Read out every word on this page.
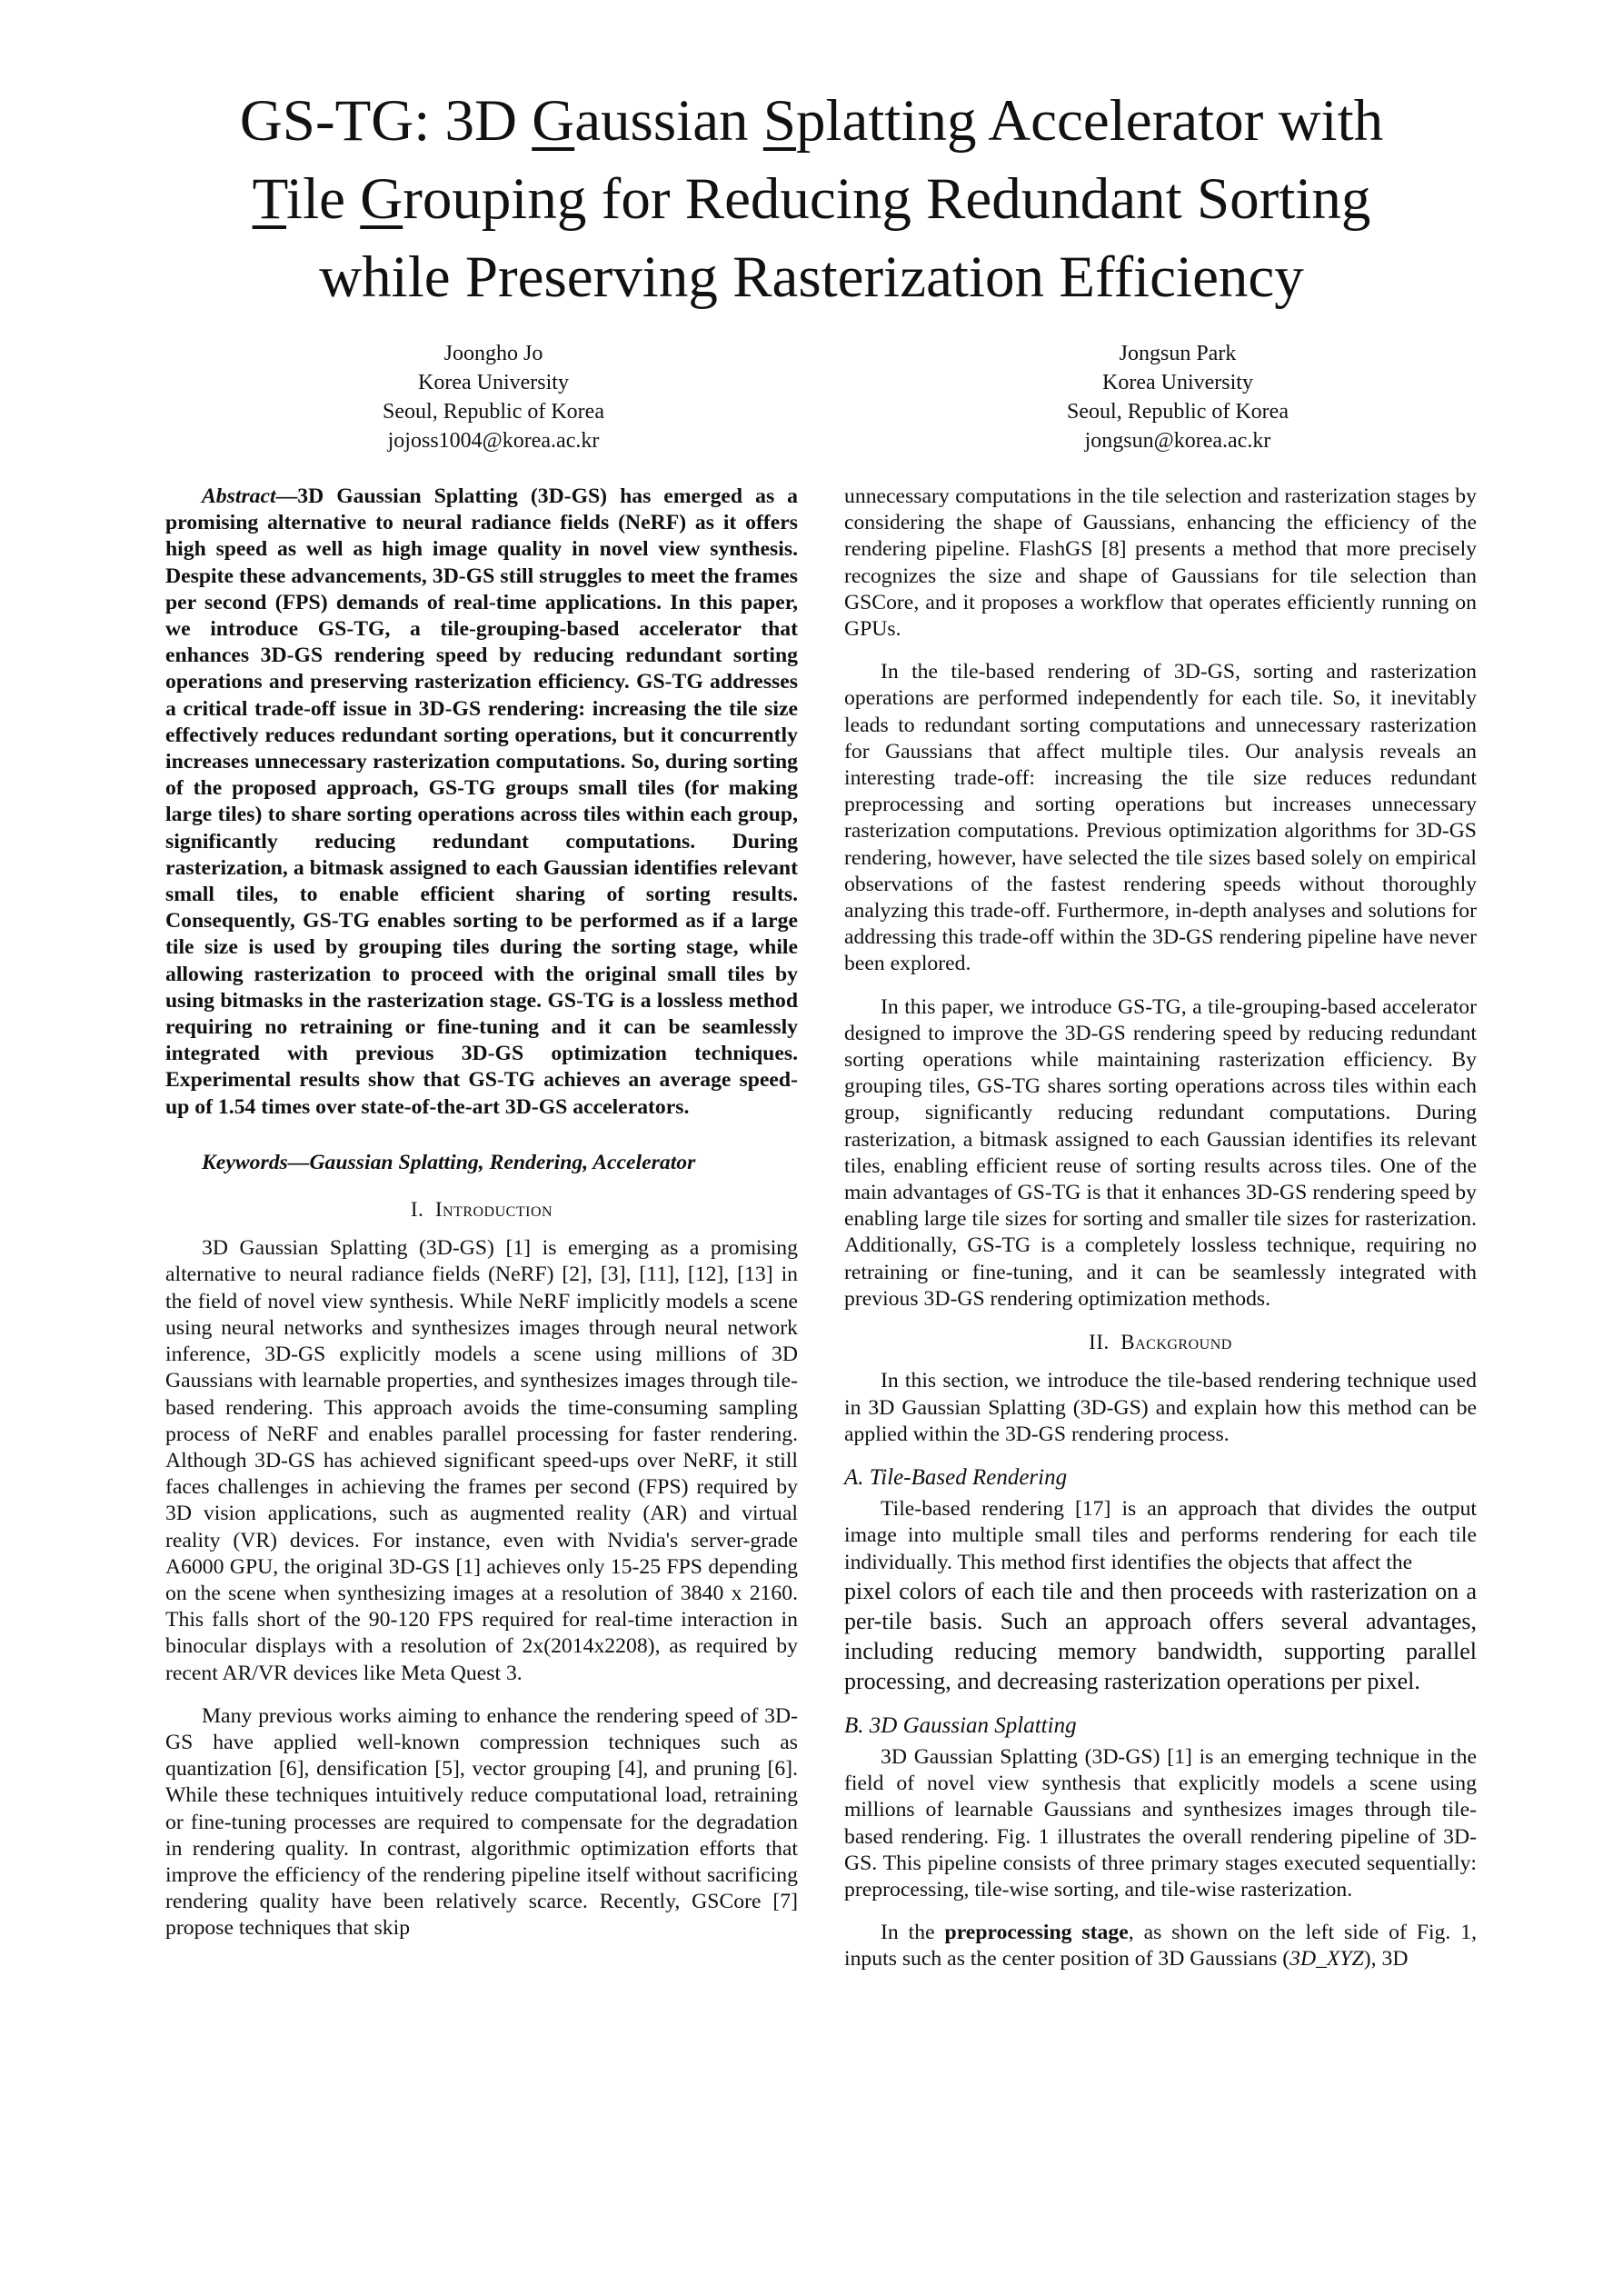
GS-TG: 3D Gaussian Splatting Accelerator with
Tile Grouping for Reducing Redundant Sorting
while Preserving Rasterization Efficiency
Joongho Jo
Korea University
Seoul, Republic of Korea
jojoss1004@korea.ac.kr
Jongsun Park
Korea University
Seoul, Republic of Korea
jongsun@korea.ac.kr

Abstract—3D Gaussian Splatting (3D-GS) has emerged as a promising alternative to neural radiance fields (NeRF) as it offers high speed as well as high image quality in novel view synthesis. Despite these advancements, 3D-GS still struggles to meet the frames per second (FPS) demands of real-time applications. In this paper, we introduce GS-TG, a tile-grouping-based accelerator that enhances 3D-GS rendering speed by reducing redundant sorting operations and preserving rasterization efficiency. GS-TG addresses a critical trade-off issue in 3D-GS rendering: increasing the tile size effectively reduces redundant sorting operations, but it concurrently increases unnecessary rasterization computations. So, during sorting of the proposed approach, GS-TG groups small tiles (for making large tiles) to share sorting operations across tiles within each group, significantly reducing redundant computations. During rasterization, a bitmask assigned to each Gaussian identifies relevant small tiles, to enable efficient sharing of sorting results. Consequently, GS-TG enables sorting to be performed as if a large tile size is used by grouping tiles during the sorting stage, while allowing rasterization to proceed with the original small tiles by using bitmasks in the rasterization stage. GS-TG is a lossless method requiring no retraining or fine-tuning and it can be seamlessly integrated with previous 3D-GS optimization techniques. Experimental results show that GS-TG achieves an average speed-up of 1.54 times over state-of-the-art 3D-GS accelerators.

Keywords—Gaussian Splatting, Rendering, Accelerator

I. Introduction

3D Gaussian Splatting (3D-GS) [1] is emerging as a promising alternative to neural radiance fields (NeRF) [2], [3], [11], [12], [13] in the field of novel view synthesis. While NeRF implicitly models a scene using neural networks and synthesizes images through neural network inference, 3D-GS explicitly models a scene using millions of 3D Gaussians with learnable properties, and synthesizes images through tile-based rendering. This approach avoids the time-consuming sampling process of NeRF and enables parallel processing for faster rendering. Although 3D-GS has achieved significant speed-ups over NeRF, it still faces challenges in achieving the frames per second (FPS) required by 3D vision applications, such as augmented reality (AR) and virtual reality (VR) devices. For instance, even with Nvidia's server-grade A6000 GPU, the original 3D-GS [1] achieves only 15-25 FPS depending on the scene when synthesizing images at a resolution of 3840 x 2160. This falls short of the 90-120 FPS required for real-time interaction in binocular displays with a resolution of 2x(2014x2208), as required by recent AR/VR devices like Meta Quest 3.

Many previous works aiming to enhance the rendering speed of 3D-GS have applied well-known compression techniques such as quantization [6], densification [5], vector grouping [4], and pruning [6]. While these techniques intuitively reduce computational load, retraining or fine-tuning processes are required to compensate for the degradation in rendering quality. In contrast, algorithmic optimization efforts that improve the efficiency of the rendering pipeline itself without sacrificing rendering quality have been relatively scarce. Recently, GSCore [7] propose techniques that skip

unnecessary computations in the tile selection and rasterization stages by considering the shape of Gaussians, enhancing the efficiency of the rendering pipeline. FlashGS [8] presents a method that more precisely recognizes the size and shape of Gaussians for tile selection than GSCore, and it proposes a workflow that operates efficiently running on GPUs.

In the tile-based rendering of 3D-GS, sorting and rasterization operations are performed independently for each tile. So, it inevitably leads to redundant sorting computations and unnecessary rasterization for Gaussians that affect multiple tiles. Our analysis reveals an interesting trade-off: increasing the tile size reduces redundant preprocessing and sorting operations but increases unnecessary rasterization computations. Previous optimization algorithms for 3D-GS rendering, however, have selected the tile sizes based solely on empirical observations of the fastest rendering speeds without thoroughly analyzing this trade-off. Furthermore, in-depth analyses and solutions for addressing this trade-off within the 3D-GS rendering pipeline have never been explored.

In this paper, we introduce GS-TG, a tile-grouping-based accelerator designed to improve the 3D-GS rendering speed by reducing redundant sorting operations while maintaining rasterization efficiency. By grouping tiles, GS-TG shares sorting operations across tiles within each group, significantly reducing redundant computations. During rasterization, a bitmask assigned to each Gaussian identifies its relevant tiles, enabling efficient reuse of sorting results across tiles. One of the main advantages of GS-TG is that it enhances 3D-GS rendering speed by enabling large tile sizes for sorting and smaller tile sizes for rasterization. Additionally, GS-TG is a completely lossless technique, requiring no retraining or fine-tuning, and it can be seamlessly integrated with previous 3D-GS rendering optimization methods.

II. Background

In this section, we introduce the tile-based rendering technique used in 3D Gaussian Splatting (3D-GS) and explain how this method can be applied within the 3D-GS rendering process.

A. Tile-Based Rendering

Tile-based rendering [17] is an approach that divides the output image into multiple small tiles and performs rendering for each tile individually. This method first identifies the objects that affect the

pixel colors of each tile and then proceeds with rasterization on a per-tile basis. Such an approach offers several advantages, including reducing memory bandwidth, supporting parallel processing, and decreasing rasterization operations per pixel.

B. 3D Gaussian Splatting

3D Gaussian Splatting (3D-GS) [1] is an emerging technique in the field of novel view synthesis that explicitly models a scene using millions of learnable Gaussians and synthesizes images through tile-based rendering. Fig. 1 illustrates the overall rendering pipeline of 3D-GS. This pipeline consists of three primary stages executed sequentially: preprocessing, tile-wise sorting, and tile-wise rasterization.

In the preprocessing stage, as shown on the left side of Fig. 1, inputs such as the center position of 3D Gaussians (3D_XYZ), 3D
